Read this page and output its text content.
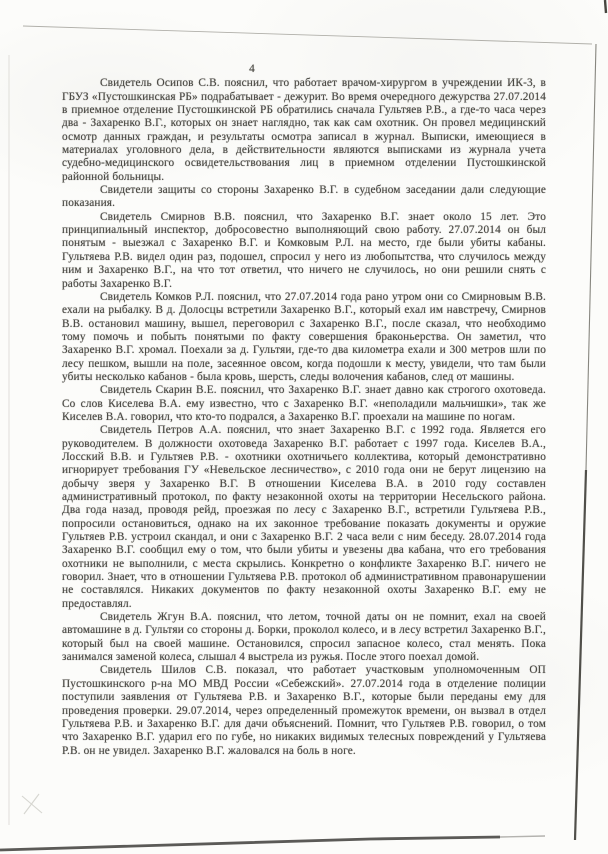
4

Свидетель Осипов С.В. пояснил, что работает врачом-хирургом в учреждении ИК-3, в ГБУЗ «Пустошкинская РБ» подрабатывает - дежурит. Во время очередного дежурства 27.07.2014 в приемное отделение Пустошкинской РБ обратились сначала Гультяев Р.В., а где-то часа через два - Захаренко В.Г., которых он знает наглядно, так как сам охотник. Он провел медицинский осмотр данных граждан, и результаты осмотра записал в журнал. Выписки, имеющиеся в материалах уголовного дела, в действительности являются выписками из журнала учета судебно-медицинского освидетельствования лиц в приемном отделении Пустошкинской районной больницы.

Свидетели защиты со стороны Захаренко В.Г. в судебном заседании дали следующие показания.

Свидетель Смирнов В.В. пояснил, что Захаренко В.Г. знает около 15 лет. Это принципиальный инспектор, добросовестно выполняющий свою работу. 27.07.2014 он был понятым - выезжал с Захаренко В.Г. и Комковым Р.Л. на место, где были убиты кабаны. Гультяева Р.В. видел один раз, подошел, спросил у него из любопытства, что случилось между ним и Захаренко В.Г., на что тот ответил, что ничего не случилось, но они решили снять с работы Захаренко В.Г.

Свидетель Комков Р.Л. пояснил, что 27.07.2014 года рано утром они со Смирновым В.В. ехали на рыбалку. В д. Долосцы встретили Захаренко В.Г., который ехал им навстречу, Смирнов В.В. остановил машину, вышел, переговорил с Захаренко В.Г., после сказал, что необходимо тому помочь и побыть понятыми по факту совершения браконьерства. Он заметил, что Захаренко В.Г. хромал. Поехали за д. Гультяи, где-то два километра ехали и 300 метров шли по лесу пешком, вышли на поле, засеянное овсом, когда подошли к месту, увидели, что там были убиты несколько кабанов - была кровь, шерсть, следы волочения кабанов, след от машины.

Свидетель Скарин В.Е. пояснил, что Захаренко В.Г. знает давно как строгого охотоведа. Со слов Киселева В.А. ему известно, что с Захаренко В.Г. «неполадили мальчишки», так же Киселев В.А. говорил, что кто-то подрался, а Захаренко В.Г. проехали на машине по ногам.

Свидетель Петров А.А. пояснил, что знает Захаренко В.Г. с 1992 года. Является его руководителем. В должности охотоведа Захаренко В.Г. работает с 1997 года. Киселев В.А., Лосский В.В. и Гультяев Р.В. - охотники охотничьего коллектива, который демонстративно игнорирует требования ГУ «Невельское лесничество», с 2010 года они не берут лицензию на добычу зверя у Захаренко В.Г. В отношении Киселева В.А. в 2010 году составлен административный протокол, по факту незаконной охоты на территории Несельского района. Два года назад, проводя рейд, проезжая по лесу с Захаренко В.Г., встретили Гультяева Р.В., попросили остановиться, однако на их законное требование показать документы и оружие Гультяев Р.В. устроил скандал, и они с Захаренко В.Г. 2 часа вели с ним беседу. 28.07.2014 года Захаренко В.Г. сообщил ему о том, что были убиты и увезены два кабана, что его требования охотники не выполнили, с места скрылись. Конкретно о конфликте Захаренко В.Г. ничего не говорил. Знает, что в отношении Гультяева Р.В. протокол об административном правонарушении не составлялся. Никаких документов по факту незаконной охоты Захаренко В.Г. ему не предоставлял.

Свидетель Жгун В.А. пояснил, что летом, точной даты он не помнит, ехал на своей автомашине в д. Гультяи со стороны д. Борки, проколол колесо, и в лесу встретил Захаренко В.Г., который был на своей машине. Остановился, спросил запасное колесо, стал менять. Пока занимался заменой колеса, слышал 4 выстрела из ружья. После этого поехал домой.

Свидетель Шилов С.В. показал, что работает участковым уполномоченным ОП Пустошкинского р-на МО МВД России «Себежский». 27.07.2014 года в отделение полиции поступили заявления от Гультяева Р.В. и Захаренко В.Г., которые были переданы ему для проведения проверки. 29.07.2014, через определенный промежуток времени, он вызвал в отдел Гультяева Р.В. и Захаренко В.Г. для дачи объяснений. Помнит, что Гультяев Р.В. говорил, о том что Захаренко В.Г. ударил его по губе, но никаких видимых телесных повреждений у Гультяева Р.В. он не увидел. Захаренко В.Г. жаловался на боль в ноге.
